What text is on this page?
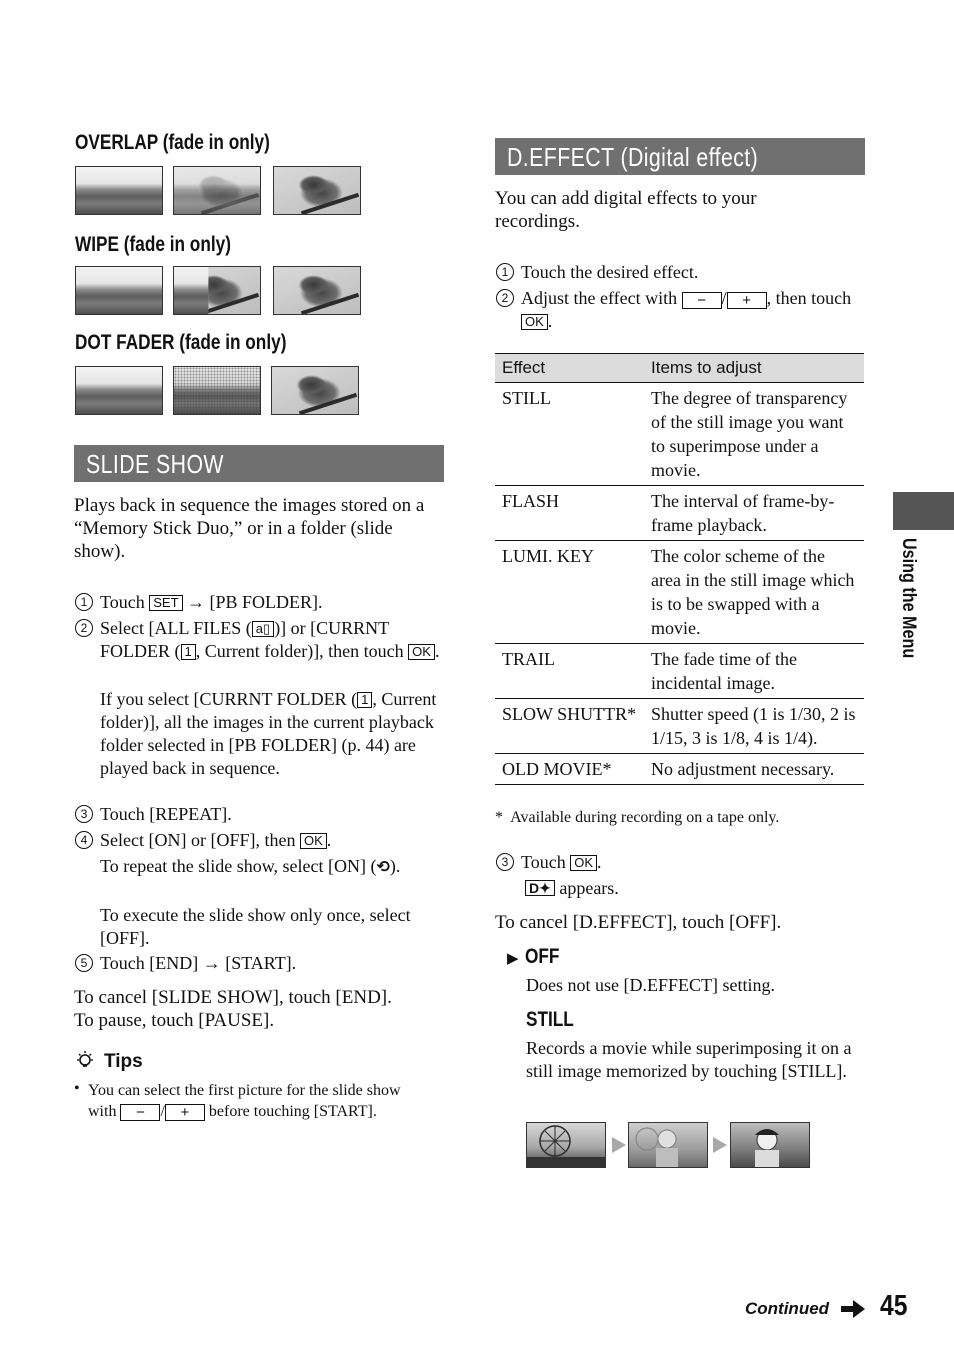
OVERLAP (fade in only)
WIPE (fade in only)
DOT FADER (fade in only)
SLIDE SHOW
Plays back in sequence the images stored on a “Memory Stick Duo,” or in a folder (slide show).
1 Touch SET → [PB FOLDER].
2 Select [ALL FILES ( a▯ )] or [CURRNT FOLDER ( 1 , Current folder)], then touch OK .
If you select [CURRNT FOLDER ( 1 , Current folder)], all the images in the current playback folder selected in [PB FOLDER] (p. 44) are played back in sequence.
3 Touch [REPEAT].
4 Select [ON] or [OFF], then OK .
To repeat the slide show, select [ON] (⟲).
To execute the slide show only once, select [OFF].
5 Touch [END] → [START].
To cancel [SLIDE SHOW], touch [END].
To pause, touch [PAUSE].
Tips
• You can select the first picture for the slide show with − / + before touching [START].
D.EFFECT (Digital effect)
You can add digital effects to your recordings.
1 Touch the desired effect.
2 Adjust the effect with − / + , then touch OK .
Effect	Items to adjust
STILL	The degree of transparency of the still image you want to superimpose under a movie.
FLASH	The interval of frame-by-frame playback.
LUMI. KEY	The color scheme of the area in the still image which is to be swapped with a movie.
TRAIL	The fade time of the incidental image.
SLOW SHUTTR*	Shutter speed (1 is 1/30, 2 is 1/15, 3 is 1/8, 4 is 1/4).
OLD MOVIE*	No adjustment necessary.
*  Available during recording on a tape only.
3 Touch OK .
D✦ appears.
To cancel [D.EFFECT], touch [OFF].
▶ OFF
Does not use [D.EFFECT] setting.
STILL
Records a movie while superimposing it on a still image memorized by touching [STILL].
Using the Menu
Continued 45
